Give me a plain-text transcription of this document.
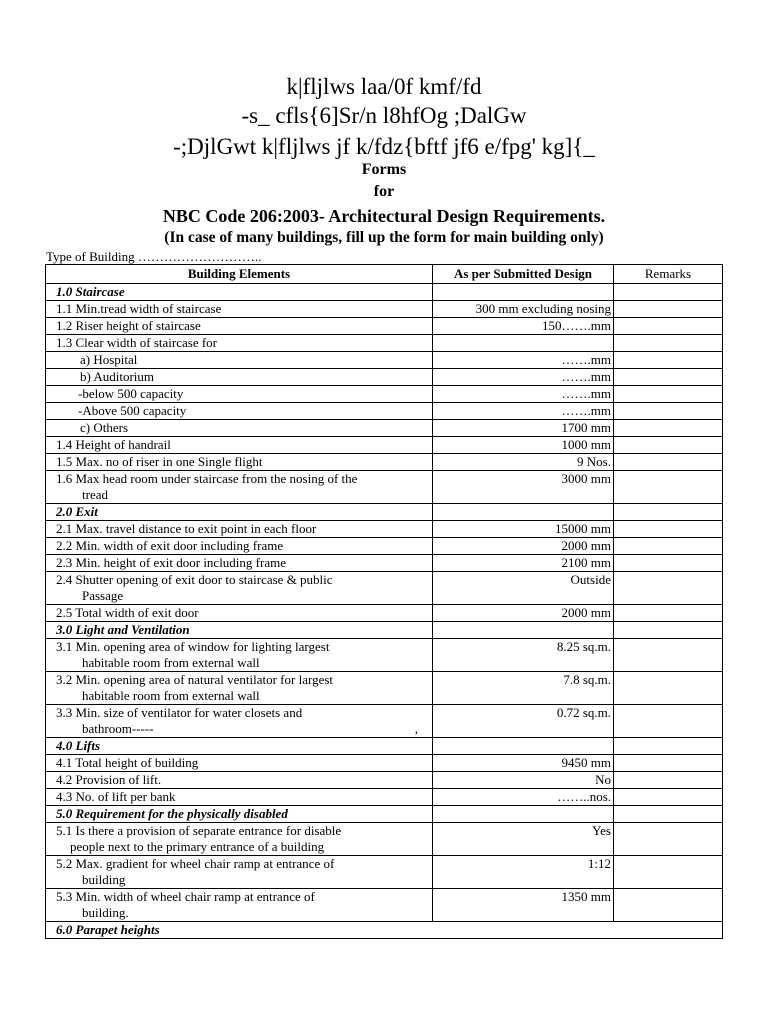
k|fljlws laa/0f kmf/fd
-s_ cfls{6]Sr/n l8hfOg ;DalGw
-;DjlGwt k|fljlws jf k/fdz{bftf jf6 e/fpg' kg]{_
Forms
for
NBC Code 206:2003- Architectural Design Requirements.
(In case of many buildings, fill up the form for main building only)
Type of Building ………………………..
Building Elements	As per Submitted Design	Remarks
1.0 Staircase		
1.1 Min.tread width of staircase	300 mm excluding nosing	
1.2 Riser height of staircase	150…….mm	
1.3 Clear width of staircase for		
a) Hospital	…….mm	
b) Auditorium	…….mm	
-below 500 capacity	…….mm	
-Above 500 capacity	…….mm	
c) Others	1700 mm	
1.4 Height of handrail	1000 mm	
1.5 Max. no of riser in one Single flight	9 Nos.	
1.6 Max head room under staircase from the nosing of the
tread	3000 mm	
2.0 Exit		
2.1 Max. travel distance to exit point in each floor	15000 mm	
2.2 Min. width of exit door including frame	2000 mm	
2.3 Min. height of exit door including frame	2100 mm	
2.4 Shutter opening of exit door to staircase & public
Passage	Outside	
2.5 Total width of exit door	2000 mm	
3.0 Light and Ventilation		
3.1 Min. opening area of window for lighting largest
habitable room from external wall	8.25 sq.m.	
3.2 Min. opening area of natural ventilator for largest
habitable room from external wall	7.8 sq.m.	
3.3 Min. size of ventilator for water closets and
bathroom----- ,	0.72 sq.m.	
4.0 Lifts		
4.1 Total height of building	9450 mm	
4.2 Provision of lift.	No	
4.3 No. of lift per bank	……..nos.	
5.0 Requirement for the physically disabled		
5.1 Is there a provision of separate entrance for disable
people next to the primary entrance of a building	Yes	
5.2 Max. gradient for wheel chair ramp at entrance of
building	1:12	
5.3 Min. width of wheel chair ramp at entrance of
building.	1350 mm	
6.0 Parapet heights		
